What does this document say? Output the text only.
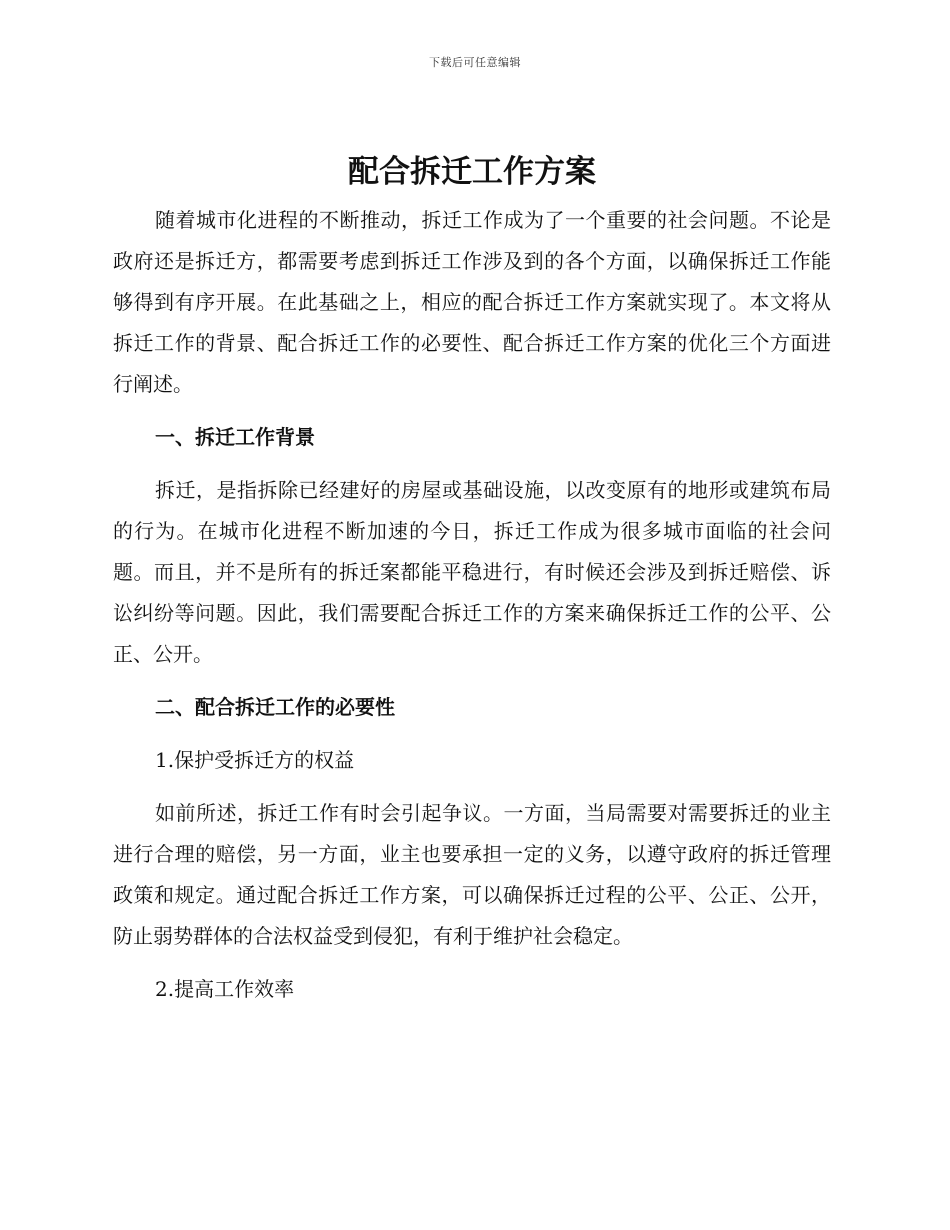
下载后可任意编辑
配合拆迁工作方案

随着城市化进程的不断推动，拆迁工作成为了一个重要的社会问题。不论是政府还是拆迁方，都需要考虑到拆迁工作涉及到的各个方面，以确保拆迁工作能够得到有序开展。在此基础之上，相应的配合拆迁工作方案就实现了。本文将从拆迁工作的背景、配合拆迁工作的必要性、配合拆迁工作方案的优化三个方面进行阐述。

一、拆迁工作背景

拆迁，是指拆除已经建好的房屋或基础设施，以改变原有的地形或建筑布局的行为。在城市化进程不断加速的今日，拆迁工作成为很多城市面临的社会问题。而且，并不是所有的拆迁案都能平稳进行，有时候还会涉及到拆迁赔偿、诉讼纠纷等问题。因此，我们需要配合拆迁工作的方案来确保拆迁工作的公平、公正、公开。

二、配合拆迁工作的必要性

1.保护受拆迁方的权益

如前所述，拆迁工作有时会引起争议。一方面，当局需要对需要拆迁的业主进行合理的赔偿，另一方面，业主也要承担一定的义务，以遵守政府的拆迁管理政策和规定。通过配合拆迁工作方案，可以确保拆迁过程的公平、公正、公开，防止弱势群体的合法权益受到侵犯，有利于维护社会稳定。

2.提高工作效率
